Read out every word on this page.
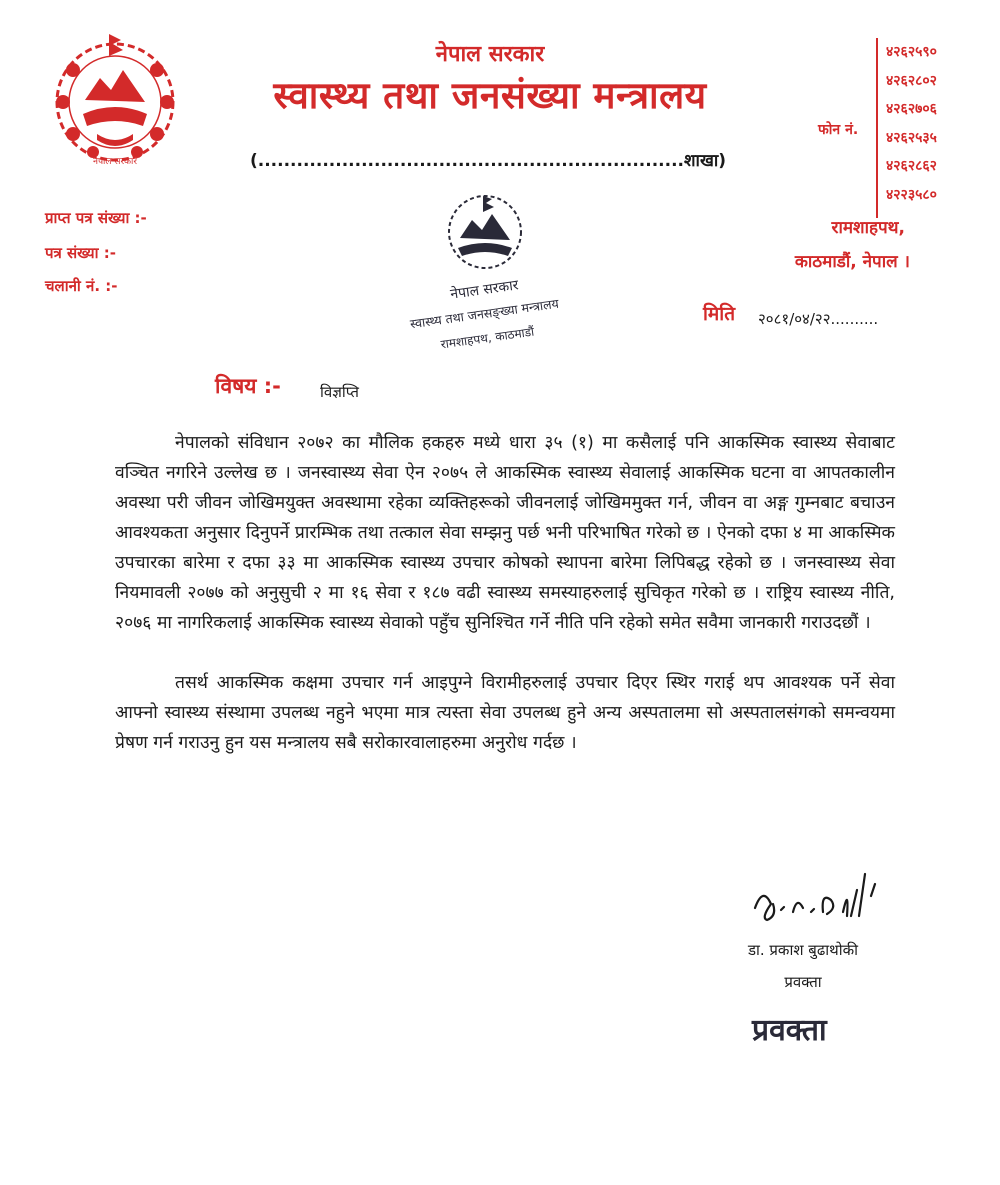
नेपाल सरकार
नेपाल सरकार
स्वास्थ्य तथा जनसंख्या मन्त्रालय
(..................................................................शाखा)
फोन नं.
४२६२५९०
४२६२८०२
४२६२७०६
४२६२५३५
४२६२८६२
४२२३५८०
प्राप्त पत्र संख्या :-
पत्र संख्या :-
चलानी नं. :-
रामशाहपथ,
काठमाडौं, नेपाल ।
मिति २०८१/०४/२२..........
नेपाल सरकार
स्वास्थ्य तथा जनसङ्ख्या मन्त्रालय
रामशाहपथ, काठमाडौं
विषय :-	विज्ञप्ति

नेपालको संविधान २०७२ का मौलिक हकहरु मध्ये धारा ३५ (१) मा कसैलाई पनि आकस्मिक स्वास्थ्य सेवाबाट वञ्चित नगरिने उल्लेख छ । जनस्वास्थ्य सेवा ऐन २०७५ ले आकस्मिक स्वास्थ्य सेवालाई आकस्मिक घटना वा आपतकालीन अवस्था परी जीवन जोखिमयुक्त अवस्थामा रहेका व्यक्तिहरूको जीवनलाई जोखिममुक्त गर्न, जीवन वा अङ्ग गुम्नबाट बचाउन आवश्यकता अनुसार दिनुपर्ने प्रारम्भिक तथा तत्काल सेवा सम्झनु पर्छ भनी परिभाषित गरेको छ । ऐनको दफा ४ मा आकस्मिक उपचारका बारेमा र दफा ३३ मा आकस्मिक स्वास्थ्य उपचार कोषको स्थापना बारेमा लिपिबद्ध रहेको छ । जनस्वास्थ्य सेवा नियमावली २०७७ को अनुसुची २ मा १६ सेवा र १८७ वढी स्वास्थ्य समस्याहरुलाई सुचिकृत गरेको छ । राष्ट्रिय स्वास्थ्य नीति, २०७६ मा नागरिकलाई आकस्मिक स्वास्थ्य सेवाको पहुँच सुनिश्चित गर्ने नीति पनि रहेको समेत सवैमा जानकारी गराउदछौं ।

तसर्थ आकस्मिक कक्षमा उपचार गर्न आइपुग्ने विरामीहरुलाई उपचार दिएर स्थिर गराई थप आवश्यक पर्ने सेवा आफ्नो स्वास्थ्य संस्थामा उपलब्ध नहुने भएमा मात्र त्यस्ता सेवा उपलब्ध हुने अन्य अस्पतालमा सो अस्पतालसंगको समन्वयमा प्रेषण गर्न गराउनु हुन यस मन्त्रालय सबै सरोकारवालाहरुमा अनुरोध गर्दछ ।

डा. प्रकाश बुढाथोकी
प्रवक्ता
प्रवक्ता
